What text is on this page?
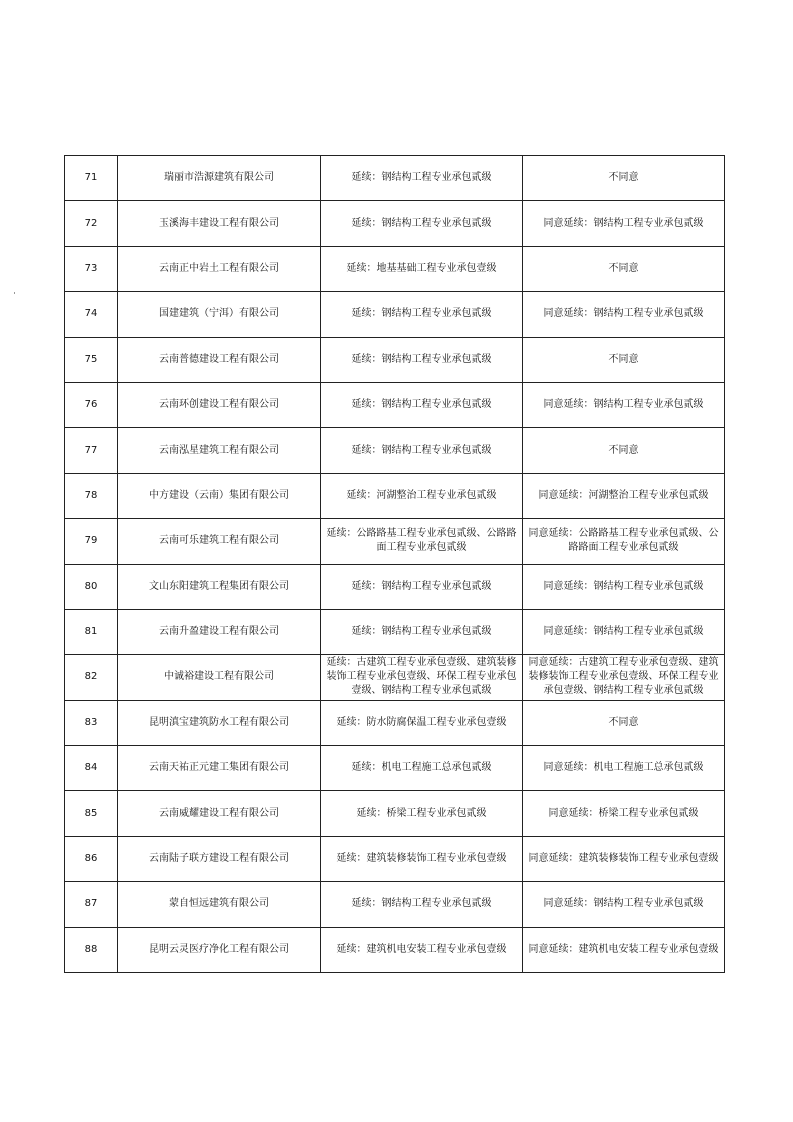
71	瑞丽市浩源建筑有限公司	延续：钢结构工程专业承包贰级	不同意
72	玉溪海丰建设工程有限公司	延续：钢结构工程专业承包贰级	同意延续：钢结构工程专业承包贰级
73	云南正中岩土工程有限公司	延续：地基基础工程专业承包壹级	不同意
74	国建建筑（宁洱）有限公司	延续：钢结构工程专业承包贰级	同意延续：钢结构工程专业承包贰级
75	云南普德建设工程有限公司	延续：钢结构工程专业承包贰级	不同意
76	云南环创建设工程有限公司	延续：钢结构工程专业承包贰级	同意延续：钢结构工程专业承包贰级
77	云南泓星建筑工程有限公司	延续：钢结构工程专业承包贰级	不同意
78	中方建设（云南）集团有限公司	延续：河湖整治工程专业承包贰级	同意延续：河湖整治工程专业承包贰级
79	云南可乐建筑工程有限公司	延续：公路路基工程专业承包贰级、公路路面工程专业承包贰级	同意延续：公路路基工程专业承包贰级、公路路面工程专业承包贰级
80	文山东阳建筑工程集团有限公司	延续：钢结构工程专业承包贰级	同意延续：钢结构工程专业承包贰级
81	云南升盈建设工程有限公司	延续：钢结构工程专业承包贰级	同意延续：钢结构工程专业承包贰级
82	中诚裕建设工程有限公司	延续：古建筑工程专业承包壹级、建筑装修装饰工程专业承包壹级、环保工程专业承包壹级、钢结构工程专业承包贰级	同意延续：古建筑工程专业承包壹级、建筑装修装饰工程专业承包壹级、环保工程专业承包壹级、钢结构工程专业承包贰级
83	昆明滇宝建筑防水工程有限公司	延续：防水防腐保温工程专业承包壹级	不同意
84	云南天祐正元建工集团有限公司	延续：机电工程施工总承包贰级	同意延续：机电工程施工总承包贰级
85	云南威耀建设工程有限公司	延续：桥梁工程专业承包贰级	同意延续：桥梁工程专业承包贰级
86	云南陆子联方建设工程有限公司	延续：建筑装修装饰工程专业承包壹级	同意延续：建筑装修装饰工程专业承包壹级
87	蒙自恒远建筑有限公司	延续：钢结构工程专业承包贰级	同意延续：钢结构工程专业承包贰级
88	昆明云灵医疗净化工程有限公司	延续：建筑机电安装工程专业承包壹级	同意延续：建筑机电安装工程专业承包壹级
